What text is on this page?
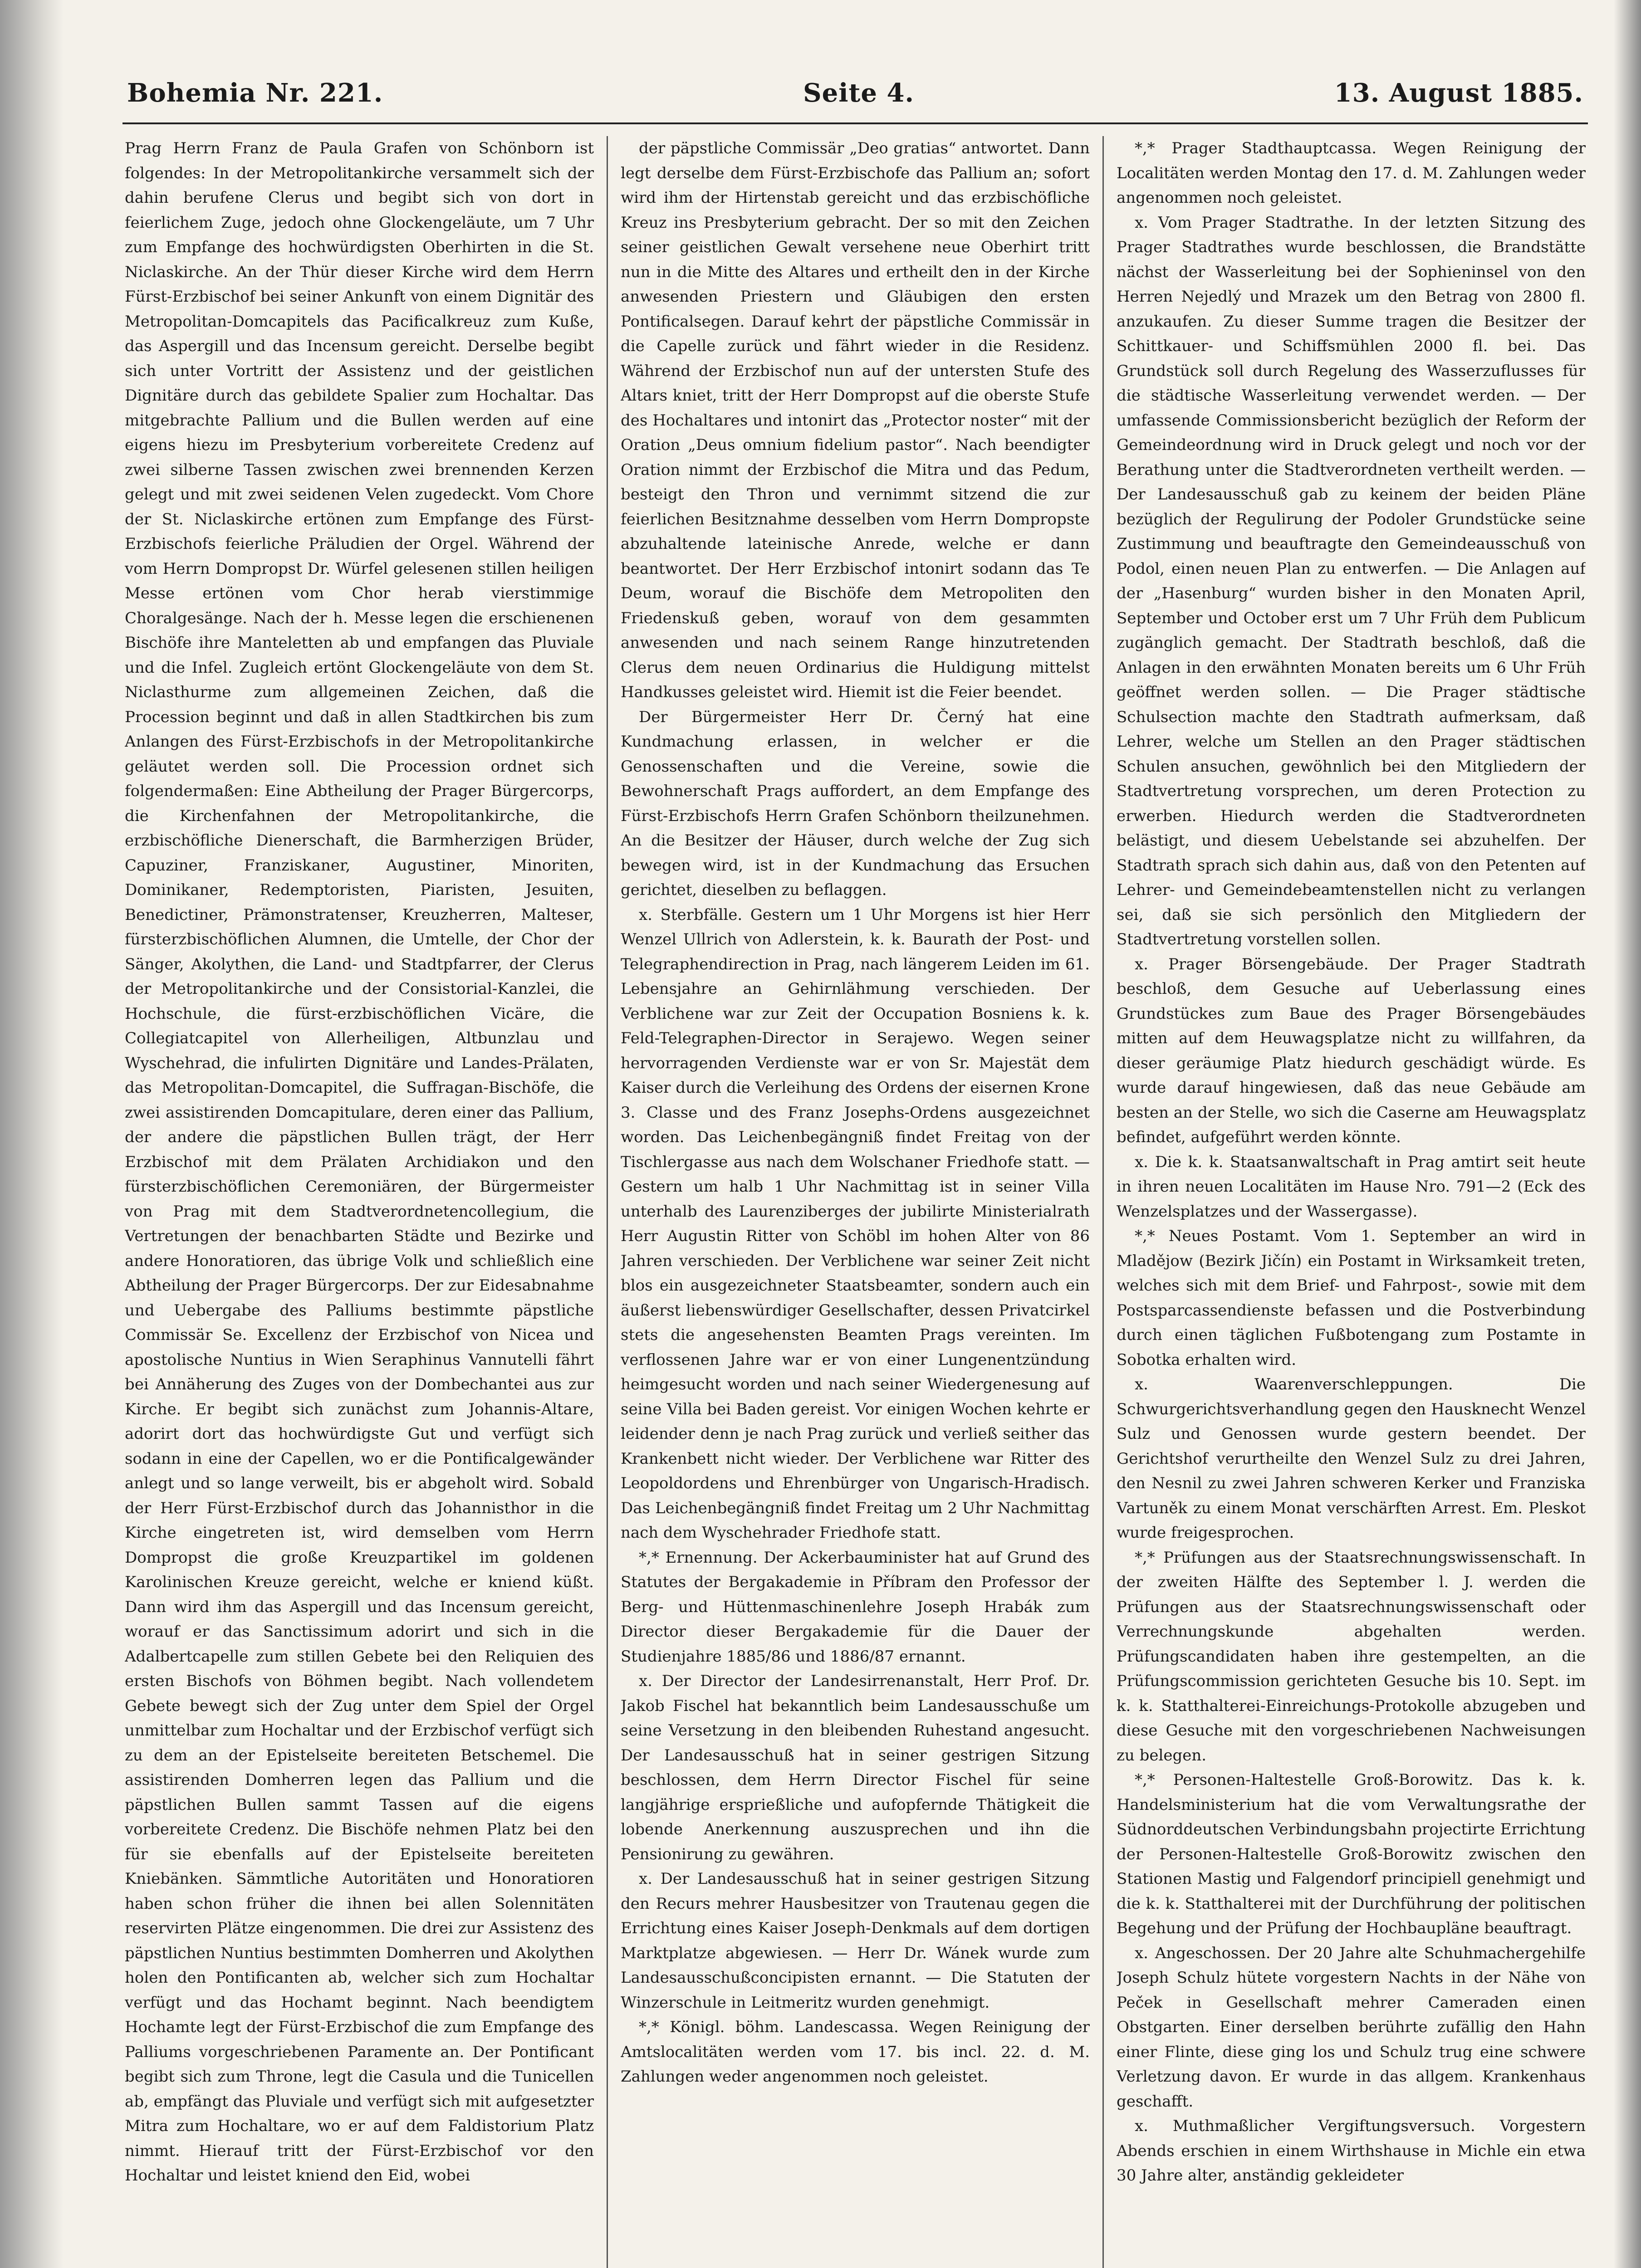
Bohemia Nr. 221.	Seite 4.	13. August 1885.

Prag Herrn Franz de Paula Grafen von Schönborn ist folgendes: In der Metropolitankirche versammelt sich der dahin berufene Clerus und begibt sich von dort in feierlichem Zuge, jedoch ohne Glockengeläute, um 7 Uhr zum Empfange des hochwürdigsten Oberhirten in die St. Niclaskirche. An der Thür dieser Kirche wird dem Herrn Fürst-Erzbischof bei seiner Ankunft von einem Dignitär des Metropolitan-Domcapitels das Pacificalkreuz zum Kuße, das Aspergill und das Incensum gereicht. Derselbe begibt sich unter Vortritt der Assistenz und der geistlichen Dignitäre durch das gebildete Spalier zum Hochaltar. Das mitgebrachte Pallium und die Bullen werden auf eine eigens hiezu im Presbyterium vorbereitete Credenz auf zwei silberne Tassen zwischen zwei brennenden Kerzen gelegt und mit zwei seidenen Velen zugedeckt. Vom Chore der St. Niclaskirche ertönen zum Empfange des Fürst-Erzbischofs feierliche Präludien der Orgel. Während der vom Herrn Dompropst Dr. Würfel gelesenen stillen heiligen Messe ertönen vom Chor herab vierstimmige Choralgesänge. Nach der h. Messe legen die erschienenen Bischöfe ihre Manteletten ab und empfangen das Pluviale und die Infel. Zugleich ertönt Glockengeläute von dem St. Niclasthurme zum allgemeinen Zeichen, daß die Procession beginnt und daß in allen Stadtkirchen bis zum Anlangen des Fürst-Erzbischofs in der Metropolitankirche geläutet werden soll. Die Procession ordnet sich folgendermaßen: Eine Abtheilung der Prager Bürgercorps, die Kirchenfahnen der Metropolitankirche, die erzbischöfliche Dienerschaft, die Barmherzigen Brüder, Capuziner, Franziskaner, Augustiner, Minoriten, Dominikaner, Redemptoristen, Piaristen, Jesuiten, Benedictiner, Prämonstratenser, Kreuzherren, Malteser, fürsterzbischöflichen Alumnen, die Umtelle, der Chor der Sänger, Akolythen, die Land- und Stadtpfarrer, der Clerus der Metropolitankirche und der Consistorial-Kanzlei, die Hochschule, die fürst-erzbischöflichen Vicäre, die Collegiatcapitel von Allerheiligen, Altbunzlau und Wyschehrad, die infulirten Dignitäre und Landes-Prälaten, das Metropolitan-Domcapitel, die Suffragan-Bischöfe, die zwei assistirenden Domcapitulare, deren einer das Pallium, der andere die päpstlichen Bullen trägt, der Herr Erzbischof mit dem Prälaten Archidiakon und den fürsterzbischöflichen Ceremoniären, der Bürgermeister von Prag mit dem Stadtverordnetencollegium, die Vertretungen der benachbarten Städte und Bezirke und andere Honoratioren, das übrige Volk und schließlich eine Abtheilung der Prager Bürgercorps. Der zur Eidesabnahme und Uebergabe des Palliums bestimmte päpstliche Commissär Se. Excellenz der Erzbischof von Nicea und apostolische Nuntius in Wien Seraphinus Vannutelli fährt bei Annäherung des Zuges von der Dombechantei aus zur Kirche. Er begibt sich zunächst zum Johannis-Altare, adorirt dort das hochwürdigste Gut und verfügt sich sodann in eine der Capellen, wo er die Pontificalgewänder anlegt und so lange verweilt, bis er abgeholt wird. Sobald der Herr Fürst-Erzbischof durch das Johannisthor in die Kirche eingetreten ist, wird demselben vom Herrn Dompropst die große Kreuzpartikel im goldenen Karolinischen Kreuze gereicht, welche er kniend küßt. Dann wird ihm das Aspergill und das Incensum gereicht, worauf er das Sanctissimum adorirt und sich in die Adalbertcapelle zum stillen Gebete bei den Reliquien des ersten Bischofs von Böhmen begibt. Nach vollendetem Gebete bewegt sich der Zug unter dem Spiel der Orgel unmittelbar zum Hochaltar und der Erzbischof verfügt sich zu dem an der Epistelseite bereiteten Betschemel. Die assistirenden Domherren legen das Pallium und die päpstlichen Bullen sammt Tassen auf die eigens vorbereitete Credenz. Die Bischöfe nehmen Platz bei den für sie ebenfalls auf der Epistelseite bereiteten Kniebänken. Sämmtliche Autoritäten und Honoratioren haben schon früher die ihnen bei allen Solennitäten reservirten Plätze eingenommen. Die drei zur Assistenz des päpstlichen Nuntius bestimmten Domherren und Akolythen holen den Pontificanten ab, welcher sich zum Hochaltar verfügt und das Hochamt beginnt. Nach beendigtem Hochamte legt der Fürst-Erzbischof die zum Empfange des Palliums vorgeschriebenen Paramente an. Der Pontificant begibt sich zum Throne, legt die Casula und die Tunicellen ab, empfängt das Pluviale und verfügt sich mit aufgesetzter Mitra zum Hochaltare, wo er auf dem Faldistorium Platz nimmt. Hierauf tritt der Fürst-Erzbischof vor den Hochaltar und leistet kniend den Eid, wobei

der päpstliche Commissär „Deo gratias“ antwortet. Dann legt derselbe dem Fürst-Erzbischofe das Pallium an; sofort wird ihm der Hirtenstab gereicht und das erzbischöfliche Kreuz ins Presbyterium gebracht. Der so mit den Zeichen seiner geistlichen Gewalt versehene neue Oberhirt tritt nun in die Mitte des Altares und ertheilt den in der Kirche anwesenden Priestern und Gläubigen den ersten Pontificalsegen. Darauf kehrt der päpstliche Commissär in die Capelle zurück und fährt wieder in die Residenz. Während der Erzbischof nun auf der untersten Stufe des Altars kniet, tritt der Herr Dompropst auf die oberste Stufe des Hochaltares und intonirt das „Protector noster“ mit der Oration „Deus omnium fidelium pastor“. Nach beendigter Oration nimmt der Erzbischof die Mitra und das Pedum, besteigt den Thron und vernimmt sitzend die zur feierlichen Besitznahme desselben vom Herrn Dompropste abzuhaltende lateinische Anrede, welche er dann beantwortet. Der Herr Erzbischof intonirt sodann das Te Deum, worauf die Bischöfe dem Metropoliten den Friedenskuß geben, worauf von dem gesammten anwesenden und nach seinem Range hinzutretenden Clerus dem neuen Ordinarius die Huldigung mittelst Handkusses geleistet wird. Hiemit ist die Feier beendet.

Der Bürgermeister Herr Dr. Černý hat eine Kundmachung erlassen, in welcher er die Genossenschaften und die Vereine, sowie die Bewohnerschaft Prags auffordert, an dem Empfange des Fürst-Erzbischofs Herrn Grafen Schönborn theilzunehmen. An die Besitzer der Häuser, durch welche der Zug sich bewegen wird, ist in der Kundmachung das Ersuchen gerichtet, dieselben zu beflaggen.

x. Sterbfälle. Gestern um 1 Uhr Morgens ist hier Herr Wenzel Ullrich von Adlerstein, k. k. Baurath der Post- und Telegraphendirection in Prag, nach längerem Leiden im 61. Lebensjahre an Gehirnlähmung verschieden. Der Verblichene war zur Zeit der Occupation Bosniens k. k. Feld-Telegraphen-Director in Serajewo. Wegen seiner hervorragenden Verdienste war er von Sr. Majestät dem Kaiser durch die Verleihung des Ordens der eisernen Krone 3. Classe und des Franz Josephs-Ordens ausgezeichnet worden. Das Leichenbegängniß findet Freitag von der Tischlergasse aus nach dem Wolschaner Friedhofe statt. — Gestern um halb 1 Uhr Nachmittag ist in seiner Villa unterhalb des Laurenzibergеs der jubilirte Ministerialrath Herr Augustin Ritter von Schöbl im hohen Alter von 86 Jahren verschieden. Der Verblichene war seiner Zeit nicht blos ein ausgezeichneter Staatsbeamter, sondern auch ein äußerst liebenswürdiger Gesellschafter, dessen Privatcirkel stets die angesehensten Beamten Prags vereinten. Im verflossenen Jahre war er von einer Lungenentzündung heimgesucht worden und nach seiner Wiedergenesung auf seine Villa bei Baden gereist. Vor einigen Wochen kehrte er leidender denn je nach Prag zurück und verließ seither das Krankenbett nicht wieder. Der Verblichene war Ritter des Leopoldordens und Ehrenbürger von Ungarisch-Hradisch. Das Leichenbegängniß findet Freitag um 2 Uhr Nachmittag nach dem Wyschehrader Friedhofe statt.

*,* Ernennung. Der Ackerbauminister hat auf Grund des Statutes der Bergakademie in Příbram den Professor der Berg- und Hüttenmaschinenlehre Joseph Hrabák zum Director dieser Bergakademie für die Dauer der Studienjahre 1885/86 und 1886/87 ernannt.

x. Der Director der Landesirrenanstalt, Herr Prof. Dr. Jakob Fischel hat bekanntlich beim Landesausschuße um seine Versetzung in den bleibenden Ruhestand angesucht. Der Landesausschuß hat in seiner gestrigen Sitzung beschlossen, dem Herrn Director Fischel für seine langjährige ersprießliche und aufopfernde Thätigkeit die lobende Anerkennung auszusprechen und ihn die Pensionirung zu gewähren.

x. Der Landesausschuß hat in seiner gestrigen Sitzung den Recurs mehrer Hausbesitzer von Trautenau gegen die Errichtung eines Kaiser Joseph-Denkmals auf dem dortigen Marktplatze abgewiesen. — Herr Dr. Wánek wurde zum Landesausschußconcipisten ernannt. — Die Statuten der Winzerschule in Leitmeritz wurden genehmigt.

*,* Königl. böhm. Landescassa. Wegen Reinigung der Amtslocalitäten werden vom 17. bis incl. 22. d. M. Zahlungen weder angenommen noch geleistet.

*,* Prager Stadthauptcassa. Wegen Reinigung der Localitäten werden Montag den 17. d. M. Zahlungen weder angenommen noch geleistet.

x. Vom Prager Stadtrathe. In der letzten Sitzung des Prager Stadtrathes wurde beschlossen, die Brandstätte nächst der Wasserleitung bei der Sophieninsel von den Herren Nejedlý und Mrazek um den Betrag von 2800 fl. anzukaufen. Zu dieser Summe tragen die Besitzer der Schittkauer- und Schiffsmühlen 2000 fl. bei. Das Grundstück soll durch Regelung des Wasserzuflusses für die städtische Wasserleitung verwendet werden. — Der umfassende Commissionsbericht bezüglich der Reform der Gemeindeordnung wird in Druck gelegt und noch vor der Berathung unter die Stadtverordneten vertheilt werden. — Der Landesausschuß gab zu keinem der beiden Pläne bezüglich der Regulirung der Podoler Grundstücke seine Zustimmung und beauftragte den Gemeindeausschuß von Podol, einen neuen Plan zu entwerfen. — Die Anlagen auf der „Hasenburg“ wurden bisher in den Monaten April, September und October erst um 7 Uhr Früh dem Publicum zugänglich gemacht. Der Stadtrath beschloß, daß die Anlagen in den erwähnten Monaten bereits um 6 Uhr Früh geöffnet werden sollen. — Die Prager städtische Schulsection machte den Stadtrath aufmerksam, daß Lehrer, welche um Stellen an den Prager städtischen Schulen ansuchen, gewöhnlich bei den Mitgliedern der Stadtvertretung vorsprechen, um deren Protection zu erwerben. Hiedurch werden die Stadtverordneten belästigt, und diesem Uebelstande sei abzuhelfen. Der Stadtrath sprach sich dahin aus, daß von den Petenten auf Lehrer- und Gemeindebeamtenstellen nicht zu verlangen sei, daß sie sich persönlich den Mitgliedern der Stadtvertretung vorstellen sollen.

x. Prager Börsengebäude. Der Prager Stadtrath beschloß, dem Gesuche auf Ueberlassung eines Grundstückes zum Baue des Prager Börsengebäudes mitten auf dem Heuwagsplatze nicht zu willfahren, da dieser geräumige Platz hiedurch geschädigt würde. Es wurde darauf hingewiesen, daß das neue Gebäude am besten an der Stelle, wo sich die Caserne am Heuwagsplatz befindet, aufgeführt werden könnte.

x. Die k. k. Staatsanwaltschaft in Prag amtirt seit heute in ihren neuen Localitäten im Hause Nro. 791—2 (Eck des Wenzelsplatzes und der Wassergasse).

*,* Neues Postamt. Vom 1. September an wird in Mladějow (Bezirk Jičín) ein Postamt in Wirksamkeit treten, welches sich mit dem Brief- und Fahrpost-, sowie mit dem Postsparcassendienste befassen und die Postverbindung durch einen täglichen Fußbotengang zum Postamte in Sobotka erhalten wird.

x. Waarenverschleppungen. Die Schwurgerichtsverhandlung gegen den Hausknecht Wenzel Sulz und Genossen wurde gestern beendet. Der Gerichtshof verurtheilte den Wenzel Sulz zu drei Jahren, den Nesnil zu zwei Jahren schweren Kerker und Franziska Vartuněk zu einem Monat verschärften Arrest. Em. Pleskot wurde freigesprochen.

*,* Prüfungen aus der Staatsrechnungswissenschaft. In der zweiten Hälfte des September l. J. werden die Prüfungen aus der Staatsrechnungswissenschaft oder Verrechnungskunde abgehalten werden. Prüfungscandidaten haben ihre gestempelten, an die Prüfungscommission gerichteten Gesuche bis 10. Sept. im k. k. Statthalterei-Einreichungs-Protokolle abzugeben und diese Gesuche mit den vorgeschriebenen Nachweisungen zu belegen.

*,* Personen-Haltestelle Groß-Borowitz. Das k. k. Handelsministerium hat die vom Verwaltungsrathe der Südnorddeutschen Verbindungsbahn projectirte Errichtung der Personen-Haltestelle Groß-Borowitz zwischen den Stationen Mastig und Falgendorf principiell genehmigt und die k. k. Statthalterei mit der Durchführung der politischen Begehung und der Prüfung der Hochbaupläne beauftragt.

x. Angeschossen. Der 20 Jahre alte Schuhmachergehilfe Joseph Schulz hütete vorgestern Nachts in der Nähe von Peček in Gesellschaft mehrer Cameraden einen Obstgarten. Einer derselben berührte zufällig den Hahn einer Flinte, diese ging los und Schulz trug eine schwere Verletzung davon. Er wurde in das allgem. Krankenhaus geschafft.

x. Muthmaßlicher Vergiftungsversuch. Vorgestern Abends erschien in einem Wirthshause in Michle ein etwa 30 Jahre alter, anständig gekleideter
